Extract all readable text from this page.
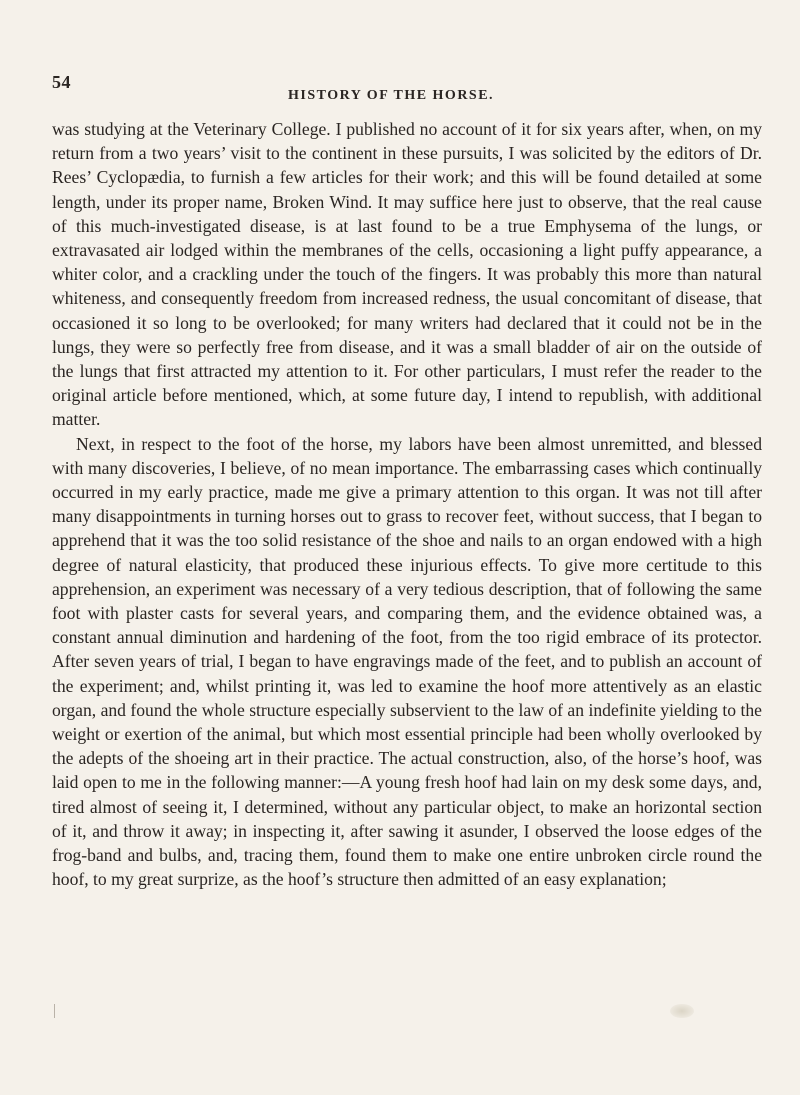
54
HISTORY OF THE HORSE.

was studying at the Veterinary College. I published no account of it for six years after, when, on my return from a two years’ visit to the continent in these pursuits, I was solicited by the editors of Dr. Rees’ Cyclopædia, to furnish a few articles for their work; and this will be found detailed at some length, under its proper name, Broken Wind. It may suffice here just to observe, that the real cause of this much-investigated disease, is at last found to be a true Emphysema of the lungs, or extravasated air lodged within the membranes of the cells, occasioning a light puffy appearance, a whiter color, and a crackling under the touch of the fingers. It was probably this more than natural whiteness, and consequently freedom from increased redness, the usual concomitant of disease, that occasioned it so long to be overlooked; for many writers had declared that it could not be in the lungs, they were so perfectly free from disease, and it was a small bladder of air on the outside of the lungs that first attracted my attention to it. For other particulars, I must refer the reader to the original article before mentioned, which, at some future day, I intend to republish, with additional matter.

Next, in respect to the foot of the horse, my labors have been almost unremitted, and blessed with many discoveries, I believe, of no mean importance. The embarrassing cases which continually occurred in my early practice, made me give a primary attention to this organ. It was not till after many disappointments in turning horses out to grass to recover feet, without success, that I began to apprehend that it was the too solid resistance of the shoe and nails to an organ endowed with a high degree of natural elasticity, that produced these injurious effects. To give more certitude to this apprehension, an experiment was necessary of a very tedious description, that of following the same foot with plaster casts for several years, and comparing them, and the evidence obtained was, a constant annual diminution and hardening of the foot, from the too rigid embrace of its protector. After seven years of trial, I began to have engravings made of the feet, and to publish an account of the experiment; and, whilst printing it, was led to examine the hoof more attentively as an elastic organ, and found the whole structure especially subservient to the law of an indefinite yielding to the weight or exertion of the animal, but which most essential principle had been wholly overlooked by the adepts of the shoeing art in their practice. The actual construction, also, of the horse’s hoof, was laid open to me in the following manner:—A young fresh hoof had lain on my desk some days, and, tired almost of seeing it, I determined, without any particular object, to make an horizontal section of it, and throw it away; in inspecting it, after sawing it asunder, I observed the loose edges of the frog-band and bulbs, and, tracing them, found them to make one entire unbroken circle round the hoof, to my great surprize, as the hoof’s structure then admitted of an easy explanation;
